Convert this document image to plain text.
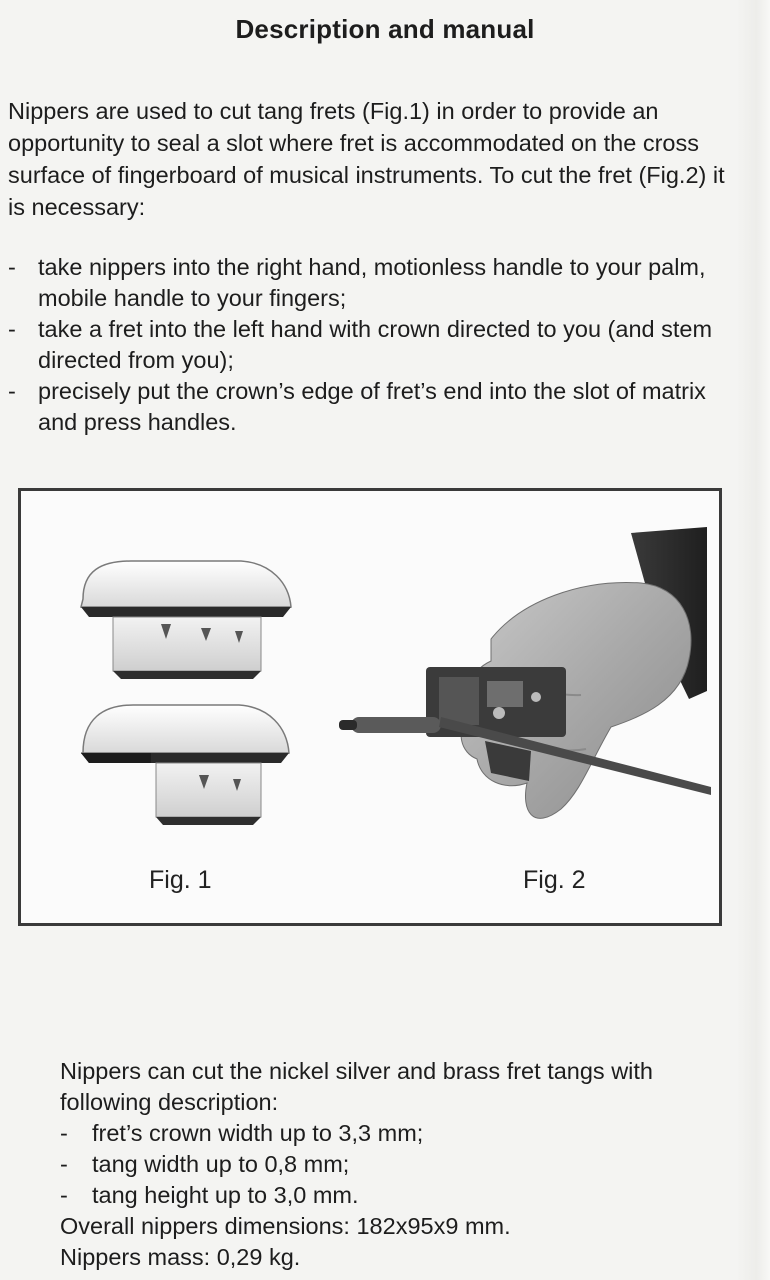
Description and manual

Nippers are used to cut tang frets (Fig.1) in order to provide an opportunity to seal a slot where fret is accommodated on the cross surface of fingerboard of musical instruments. To cut the fret (Fig.2) it is necessary:

- take nippers into the right hand, motionless handle to your palm, mobile handle to your fingers;
- take a fret into the left hand with crown directed to you (and stem directed from you);
- precisely put the crown’s edge of fret’s end into the slot of matrix and press handles.
Fig. 1	Fig. 2

Nippers can cut the nickel silver and brass fret tangs with following description:

- fret’s crown width up to 3,3 mm;
- tang width up to 0,8 mm;
- tang height up to 3,0 mm.

Overall nippers dimensions: 182x95x9 mm.

Nippers mass: 0,29 kg.
